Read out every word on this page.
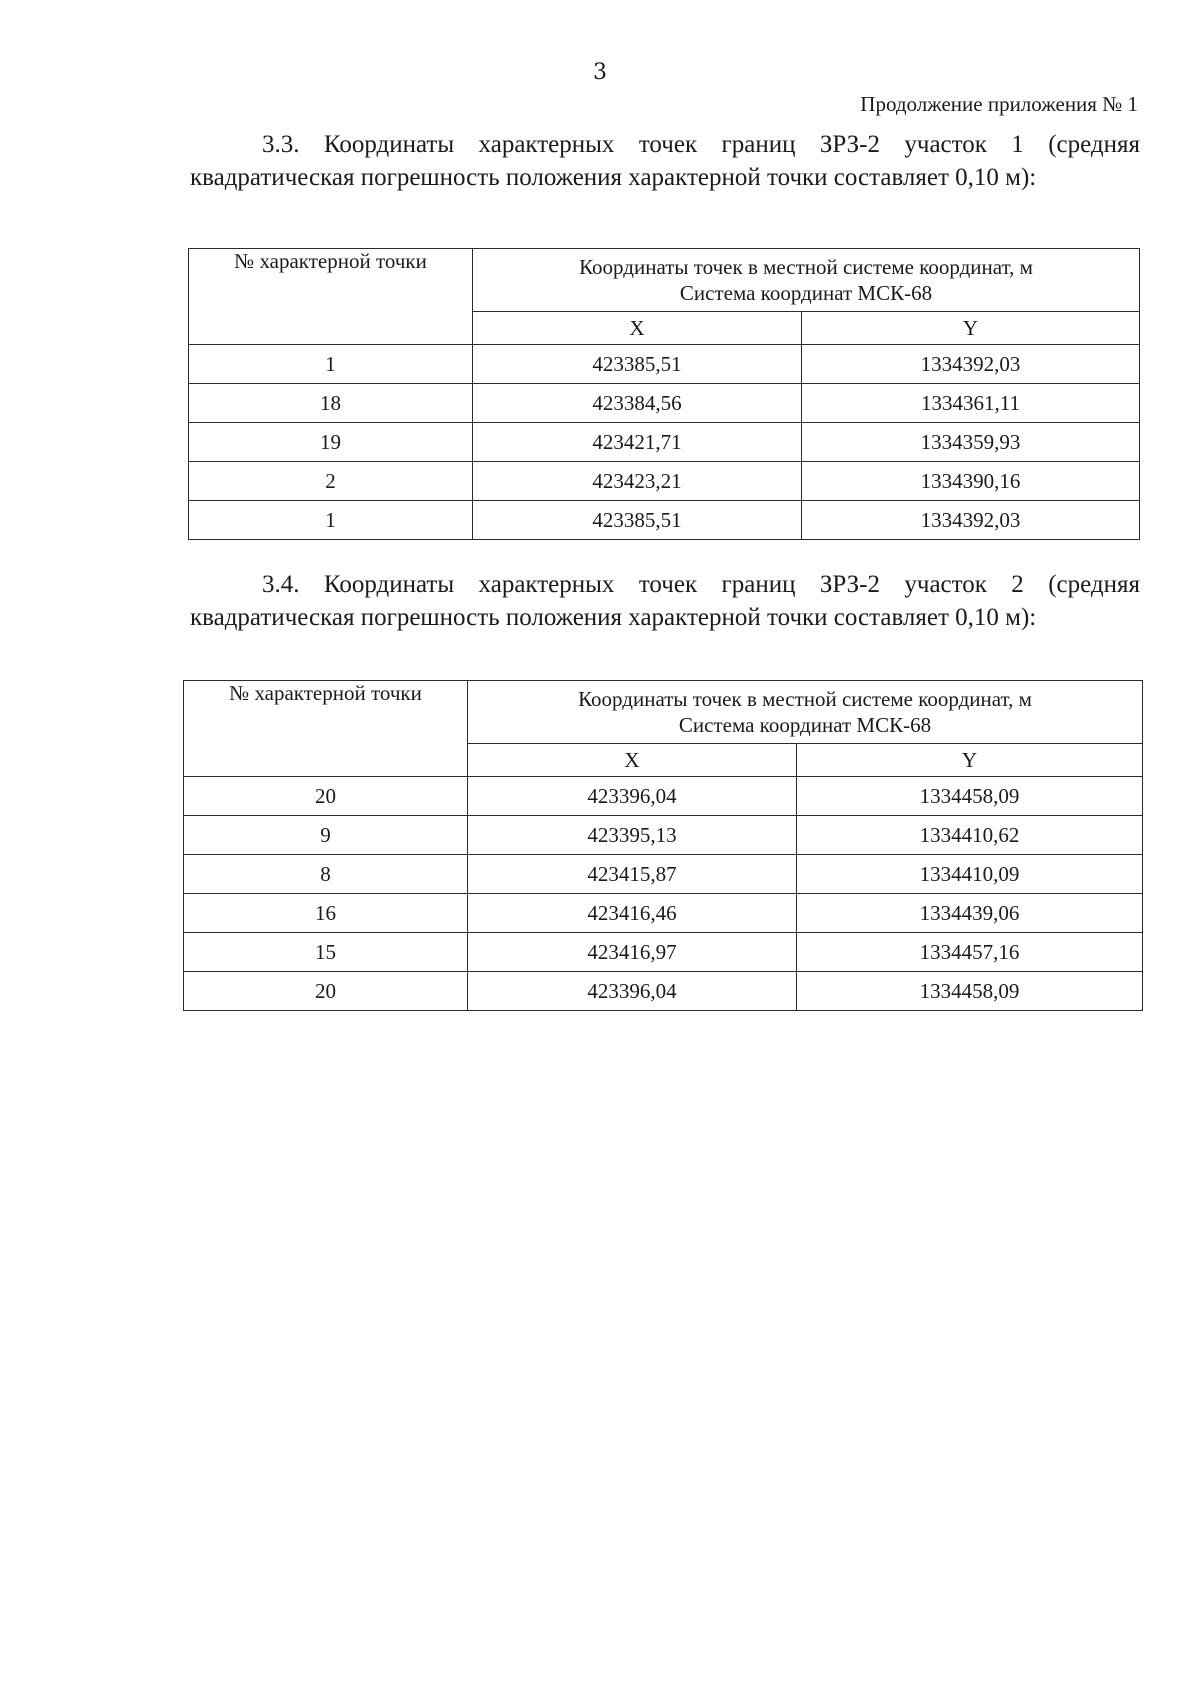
3
Продолжение приложения № 1
3.3. Координаты характерных точек границ ЗРЗ-2 участок 1 (средняя квадратическая погрешность положения характерной точки составляет 0,10 м):
№ характерной точки	Координаты точек в местной системе координат, м
Система координат МСК-68	
	X	Y
1	423385,51	1334392,03
18	423384,56	1334361,11
19	423421,71	1334359,93
2	423423,21	1334390,16
1	423385,51	1334392,03
3.4. Координаты характерных точек границ ЗРЗ-2 участок 2 (средняя квадратическая погрешность положения характерной точки составляет 0,10 м):
№ характерной точки	Координаты точек в местной системе координат, м
Система координат МСК-68	
	X	Y
20	423396,04	1334458,09
9	423395,13	1334410,62
8	423415,87	1334410,09
16	423416,46	1334439,06
15	423416,97	1334457,16
20	423396,04	1334458,09
